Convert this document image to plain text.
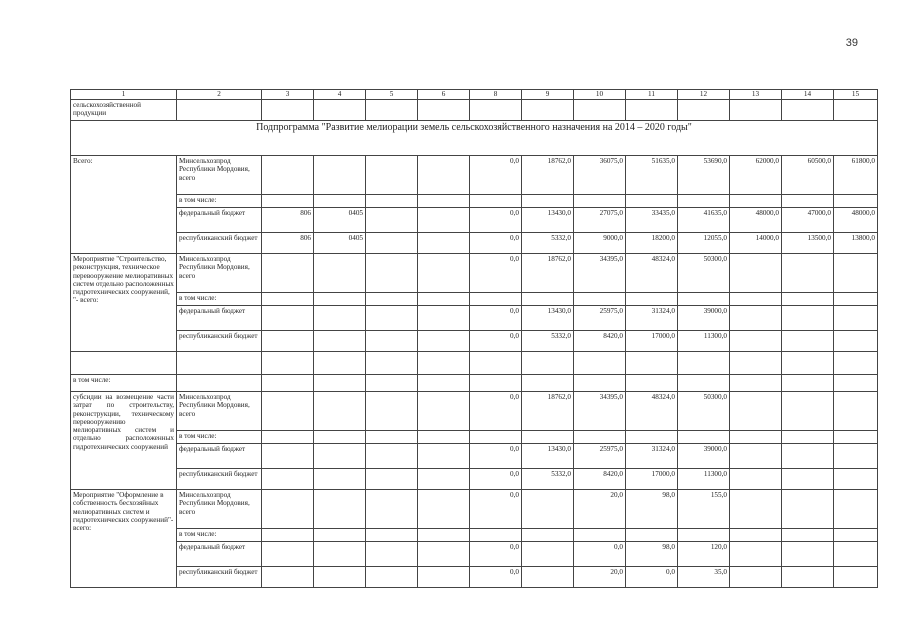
39
1	2	3	4	5	6	8	9	10	11	12	13	14	15
сельскохозяйственной продукции													
Подпрограмма "Развитие мелиорации земель сельскохозяйственного назначения на 2014 – 2020 годы"													
Всего:	Минсельхозпрод Республики Мордовия, всего					0,0	18762,0	36075,0	51635,0	53690,0	62000,0	60500,0	61800,0
	в том числе:												
	федеральный бюджет	806	0405			0,0	13430,0	27075,0	33435,0	41635,0	48000,0	47000,0	48000,0
	республиканский бюджет	806	0405			0,0	5332,0	9000,0	18200,0	12055,0	14000,0	13500,0	13800,0
Мероприятие "Строительство, реконструкция, техническое перевооружение мелиоративных систем отдельно расположенных гидротехнических сооружений, "- всего:	Минсельхозпрод Республики Мордовия, всего					0,0	18762,0	34395,0	48324,0	50300,0			
	в том числе:												
	федеральный бюджет					0,0	13430,0	25975,0	31324,0	39000,0			
	республиканский бюджет					0,0	5332,0	8420,0	17000,0	11300,0			

в том числе:													
субсидии на возмещение части затрат по строительству, реконструкции, техническому перевооружению мелиоративных систем и отдельно расположенных гидротехнических сооружений	Минсельхозпрод Республики Мордовия, всего					0,0	18762,0	34395,0	48324,0	50300,0			
	в том числе:												
	федеральный бюджет					0,0	13430,0	25975,0	31324,0	39000,0			
	республиканский бюджет					0,0	5332,0	8420,0	17000,0	11300,0			
Мероприятие "Оформление в собственность бесхозяйных мелиоративных систем и гидротехнических сооружений"- всего:	Минсельхозпрод Республики Мордовия, всего					0,0		20,0	98,0	155,0			
	в том числе:												
	федеральный бюджет					0,0		0,0	98,0	120,0			
	республиканский бюджет					0,0		20,0	0,0	35,0			
